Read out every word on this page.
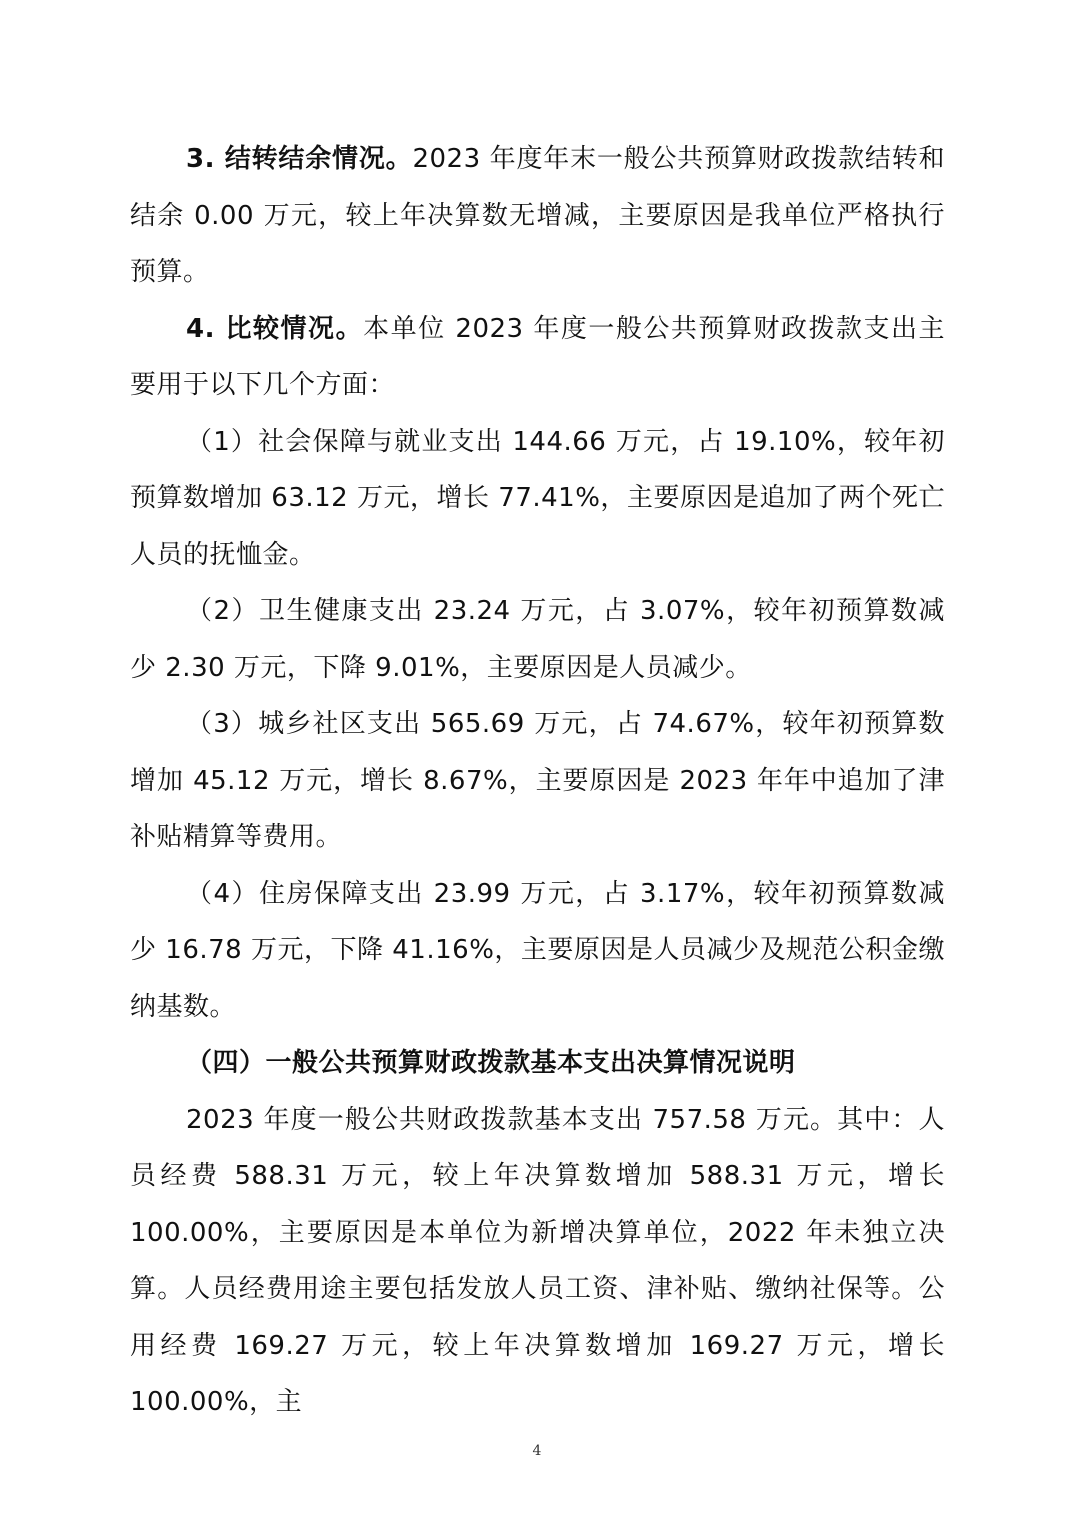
3. 结转结余情况。2023 年度年末一般公共预算财政拨款结转和结余 0.00 万元，较上年决算数无增减，主要原因是我单位严格执行预算。

4. 比较情况。本单位 2023 年度一般公共预算财政拨款支出主要用于以下几个方面：

（1）社会保障与就业支出 144.66 万元，占 19.10%，较年初预算数增加 63.12 万元，增长 77.41%，主要原因是追加了两个死亡人员的抚恤金。

（2）卫生健康支出 23.24 万元，占 3.07%，较年初预算数减少 2.30 万元，下降 9.01%，主要原因是人员减少。

（3）城乡社区支出 565.69 万元，占 74.67%，较年初预算数增加 45.12 万元，增长 8.67%，主要原因是 2023 年年中追加了津补贴精算等费用。

（4）住房保障支出 23.99 万元，占 3.17%，较年初预算数减少 16.78 万元，下降 41.16%，主要原因是人员减少及规范公积金缴纳基数。

（四）一般公共预算财政拨款基本支出决算情况说明

2023 年度一般公共财政拨款基本支出 757.58 万元。其中：人员经费 588.31 万元，较上年决算数增加 588.31 万元，增长 100.00%，主要原因是本单位为新增决算单位，2022 年未独立决算。人员经费用途主要包括发放人员工资、津补贴、缴纳社保等。公用经费 169.27 万元，较上年决算数增加 169.27 万元，增长 100.00%，主

4
